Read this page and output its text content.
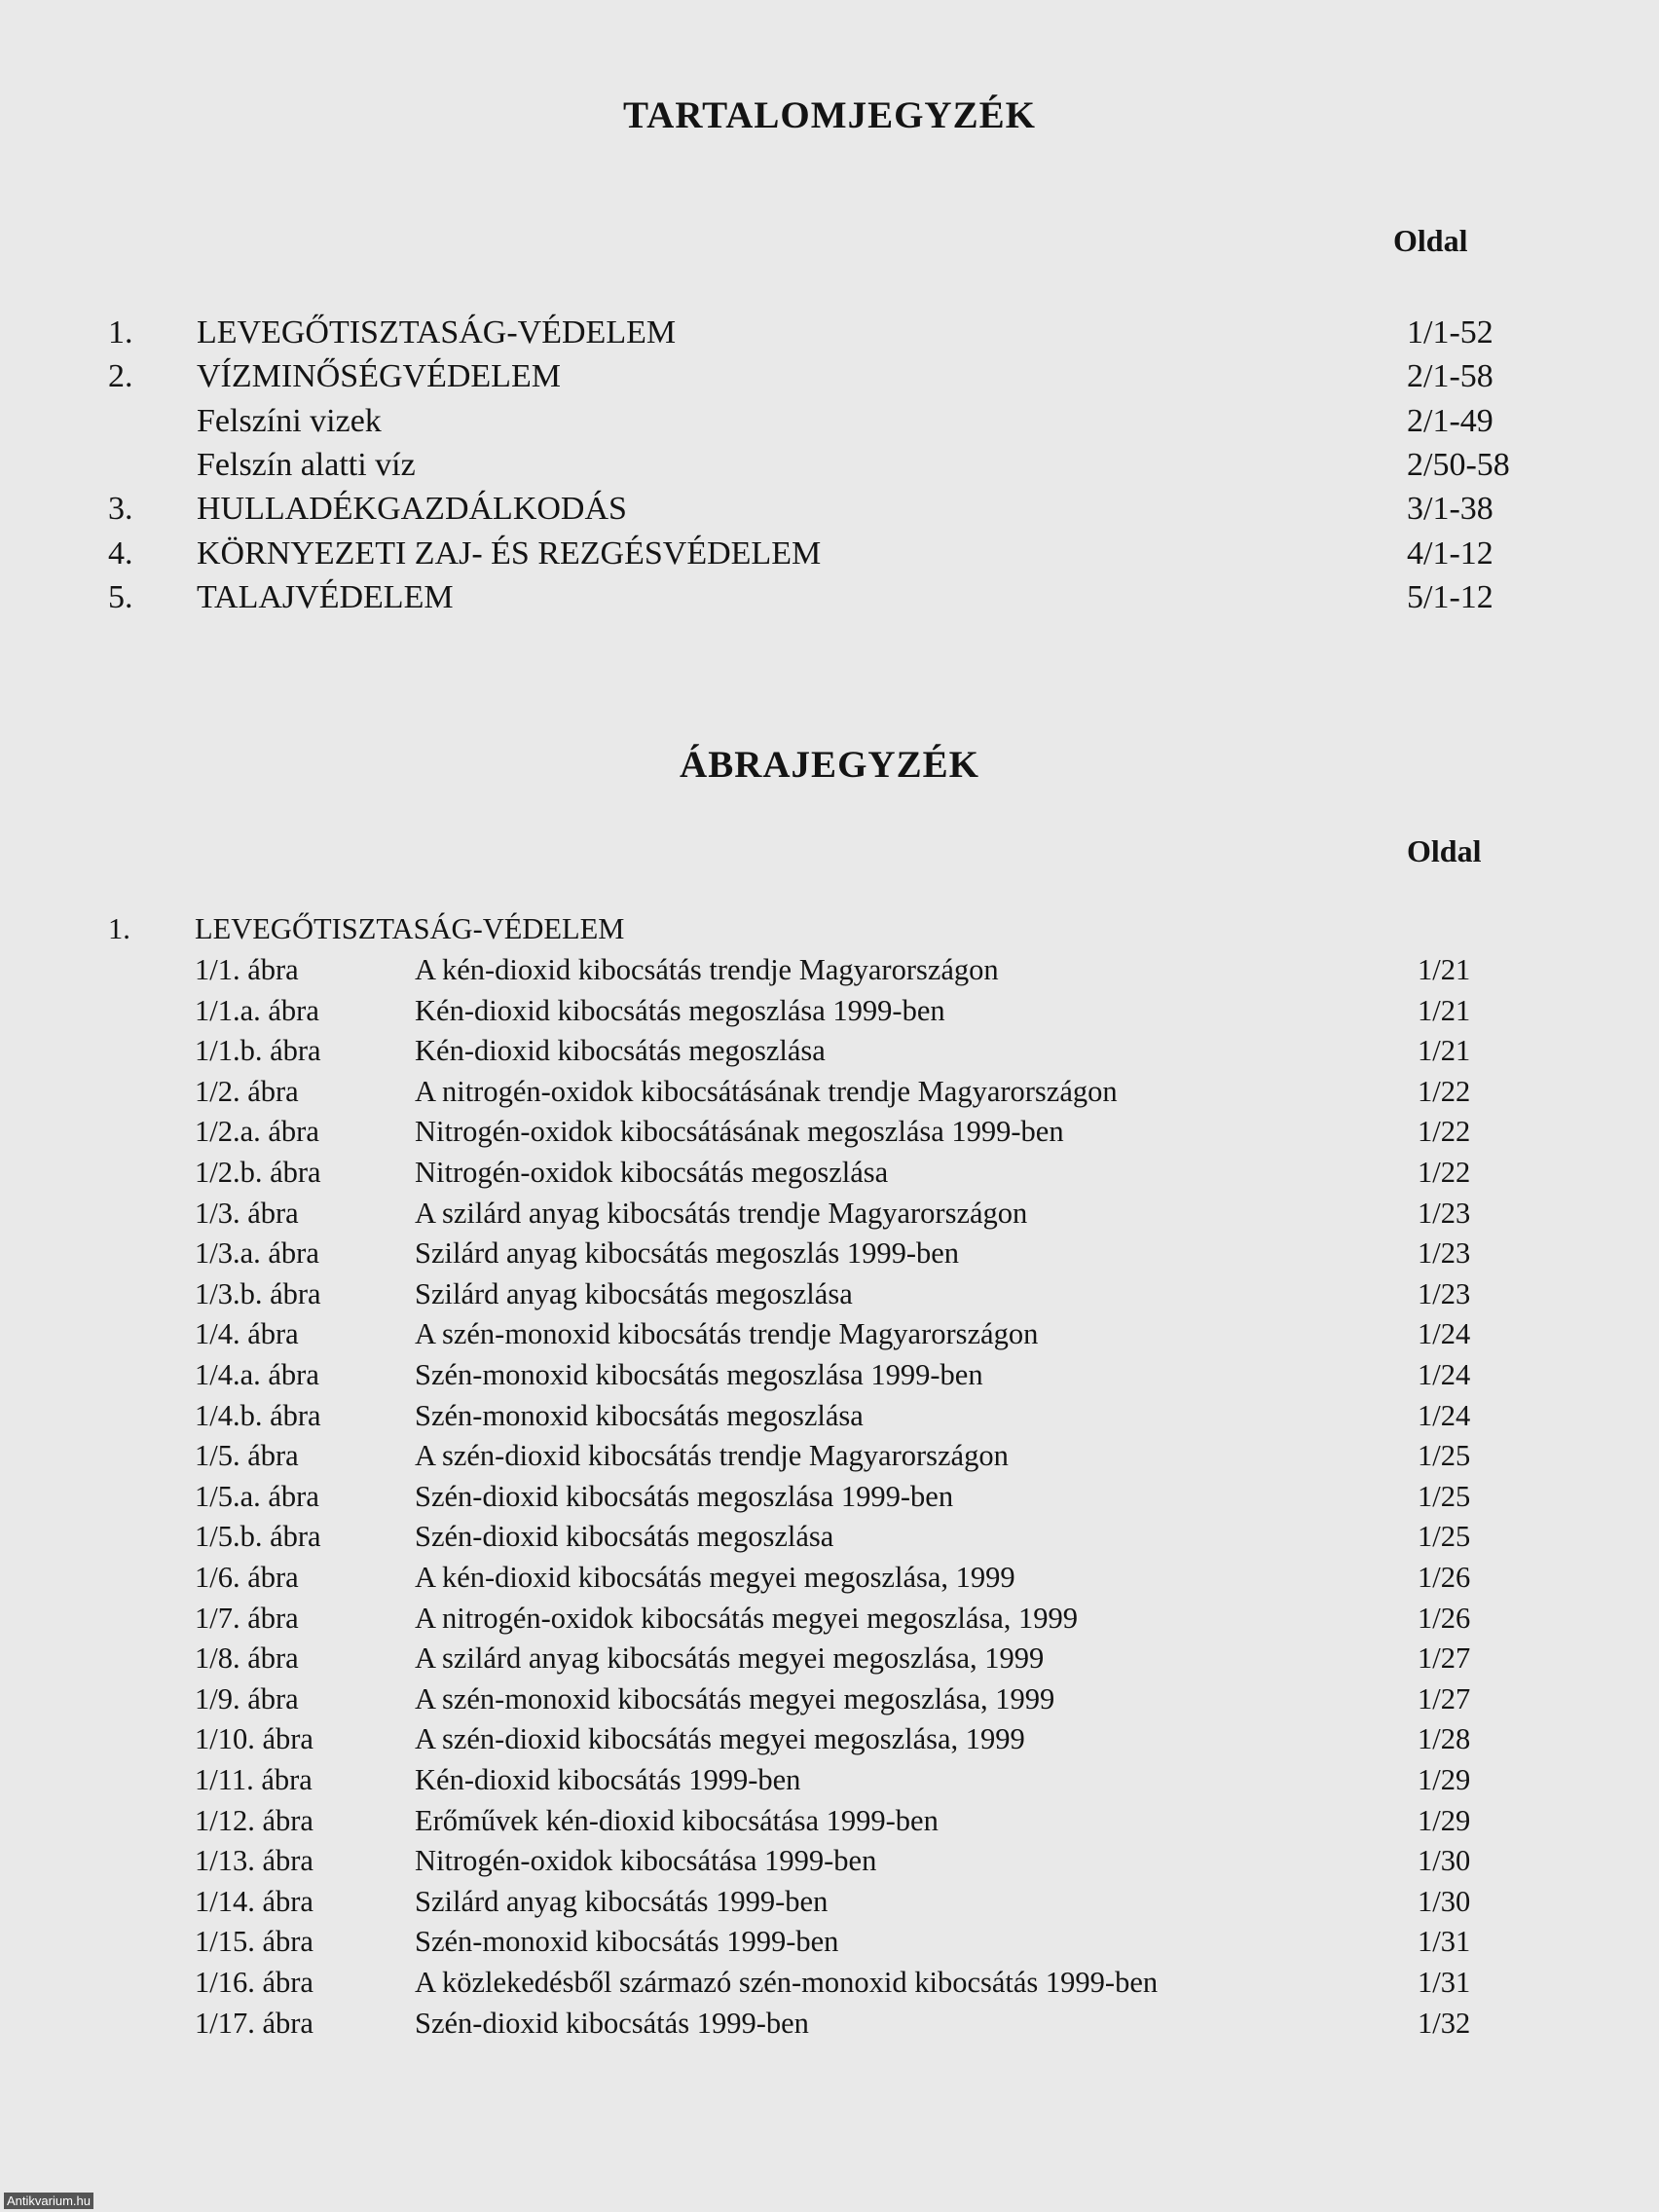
TARTALOMJEGYZÉK
Oldal
1. LEVEGŐTISZTASÁG-VÉDELEM	1/1-52
2. VÍZMINŐSÉGVÉDELEM	2/1-58
Felszíni vizek	2/1-49
Felszín alatti víz	2/50-58
3. HULLADÉKGAZDÁLKODÁS	3/1-38
4. KÖRNYEZETI ZAJ- ÉS REZGÉSVÉDELEM	4/1-12
5. TALAJVÉDELEM	5/1-12
ÁBRAJEGYZÉK
Oldal
1. LEVEGŐTISZTASÁG-VÉDELEM
1/1. ábra	A kén-dioxid kibocsátás trendje Magyarországon	1/21
1/1.a. ábra	Kén-dioxid kibocsátás megoszlása 1999-ben	1/21
1/1.b. ábra	Kén-dioxid kibocsátás megoszlása	1/21
1/2. ábra	A nitrogén-oxidok kibocsátásának trendje Magyarországon	1/22
1/2.a. ábra	Nitrogén-oxidok kibocsátásának megoszlása 1999-ben	1/22
1/2.b. ábra	Nitrogén-oxidok kibocsátás megoszlása	1/22
1/3. ábra	A szilárd anyag kibocsátás trendje Magyarországon	1/23
1/3.a. ábra	Szilárd anyag kibocsátás megoszlás 1999-ben	1/23
1/3.b. ábra	Szilárd anyag kibocsátás megoszlása	1/23
1/4. ábra	A szén-monoxid kibocsátás trendje Magyarországon	1/24
1/4.a. ábra	Szén-monoxid kibocsátás megoszlása 1999-ben	1/24
1/4.b. ábra	Szén-monoxid kibocsátás megoszlása	1/24
1/5. ábra	A szén-dioxid kibocsátás trendje Magyarországon	1/25
1/5.a. ábra	Szén-dioxid kibocsátás megoszlása 1999-ben	1/25
1/5.b. ábra	Szén-dioxid kibocsátás megoszlása	1/25
1/6. ábra	A kén-dioxid kibocsátás megyei megoszlása, 1999	1/26
1/7. ábra	A nitrogén-oxidok kibocsátás megyei megoszlása, 1999	1/26
1/8. ábra	A szilárd anyag kibocsátás megyei megoszlása, 1999	1/27
1/9. ábra	A szén-monoxid kibocsátás megyei megoszlása, 1999	1/27
1/10. ábra	A szén-dioxid kibocsátás megyei megoszlása, 1999	1/28
1/11. ábra	Kén-dioxid kibocsátás 1999-ben	1/29
1/12. ábra	Erőművek kén-dioxid kibocsátása 1999-ben	1/29
1/13. ábra	Nitrogén-oxidok kibocsátása 1999-ben	1/30
1/14. ábra	Szilárd anyag kibocsátás 1999-ben	1/30
1/15. ábra	Szén-monoxid kibocsátás 1999-ben	1/31
1/16. ábra	A közlekedésből származó szén-monoxid kibocsátás 1999-ben	1/31
1/17. ábra	Szén-dioxid kibocsátás 1999-ben	1/32
Antikvarium.hu
